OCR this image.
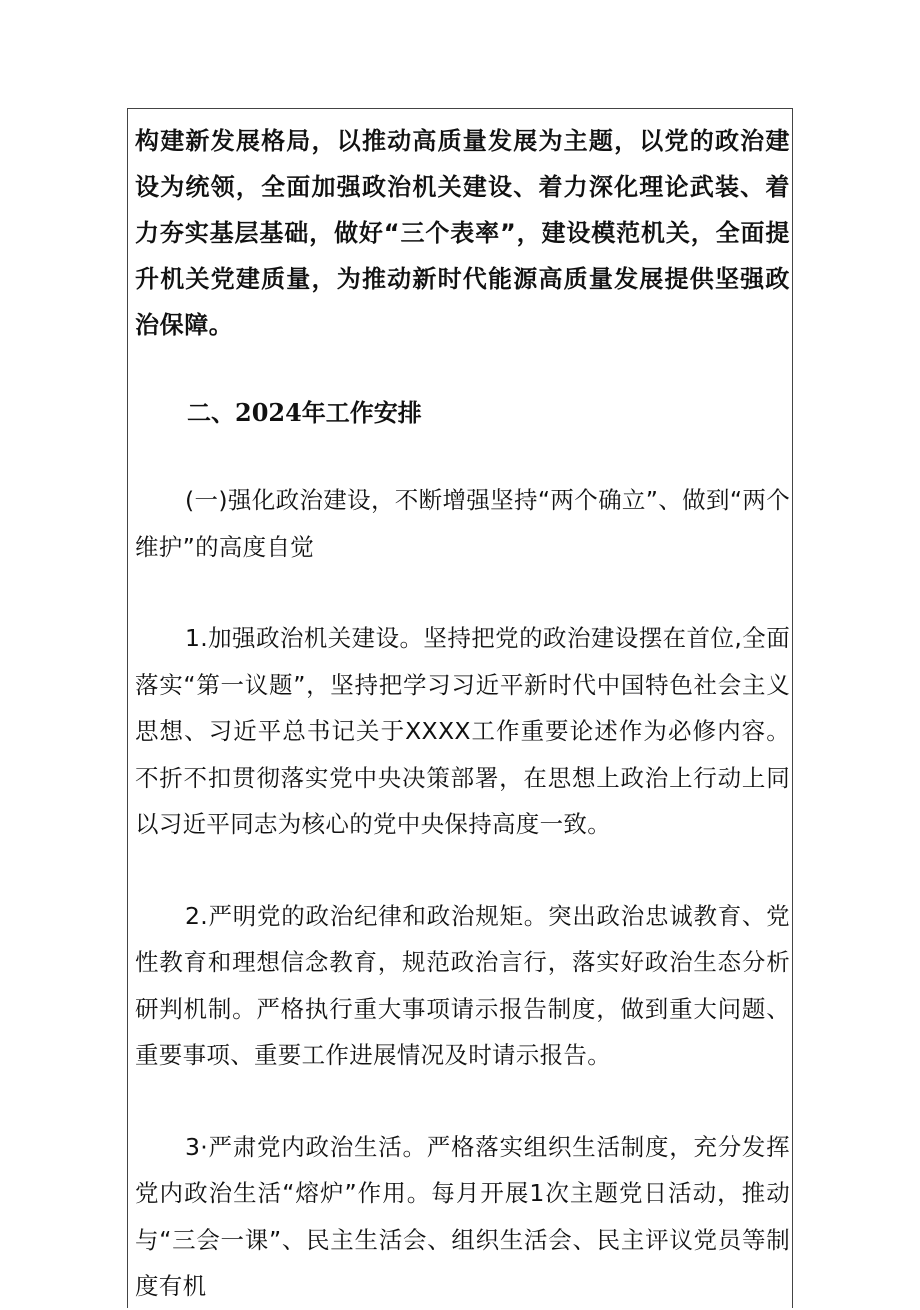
构建新发展格局，以推动高质量发展为主题，以党的政治建设为统领，全面加强政治机关建设、着力深化理论武装、着力夯实基层基础，做好“三个表率”，建设模范机关，全面提升机关党建质量，为推动新时代能源高质量发展提供坚强政治保障。

二、2024年工作安排

(一)强化政治建设，不断增强坚持“两个确立”、做到“两个维护”的高度自觉

1.加强政治机关建设。坚持把党的政治建设摆在首位,全面落实“第一议题”，坚持把学习习近平新时代中国特色社会主义思想、习近平总书记关于XXXX工作重要论述作为必修内容。不折不扣贯彻落实党中央决策部署，在思想上政治上行动上同以习近平同志为核心的党中央保持高度一致。

2.严明党的政治纪律和政治规矩。突出政治忠诚教育、党性教育和理想信念教育，规范政治言行，落实好政治生态分析研判机制。严格执行重大事项请示报告制度，做到重大问题、重要事项、重要工作进展情况及时请示报告。

3·严肃党内政治生活。严格落实组织生活制度，充分发挥党内政治生活“熔炉”作用。每月开展1次主题党日活动，推动与“三会一课”、民主生活会、组织生活会、民主评议党员等制度有机
